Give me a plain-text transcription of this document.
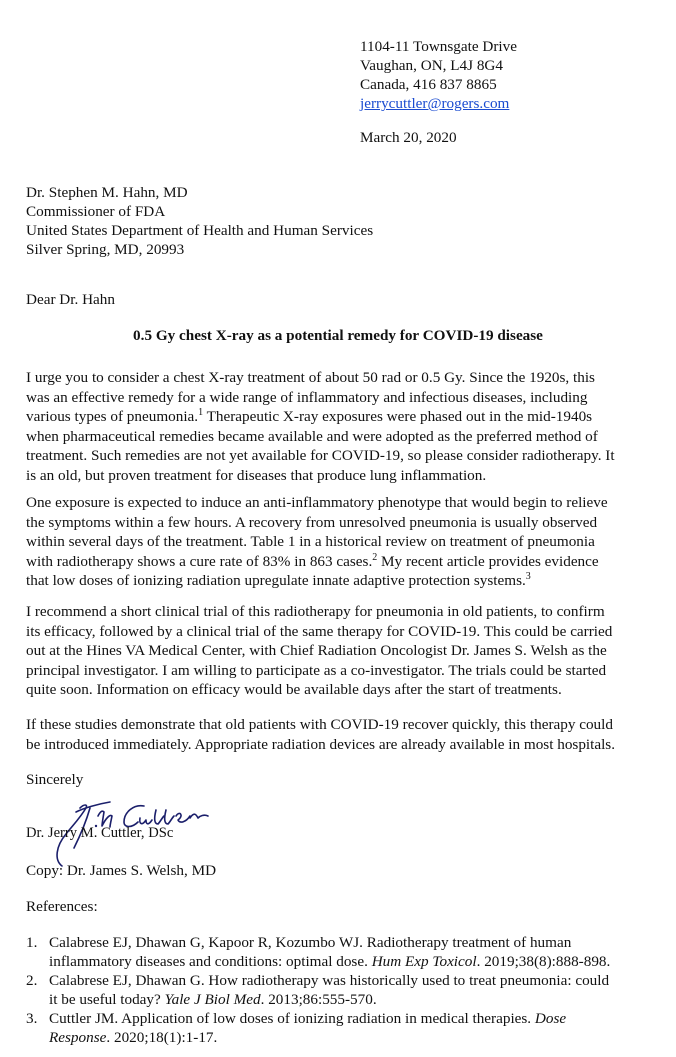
1104-11 Townsgate Drive
Vaughan, ON, L4J 8G4
Canada, 416 837 8865
jerrycuttler@rogers.com
March 20, 2020
Dr. Stephen M. Hahn, MD
Commissioner of FDA
United States Department of Health and Human Services
Silver Spring, MD, 20993
Dear Dr. Hahn
0.5 Gy chest X-ray as a potential remedy for COVID-19 disease
I urge you to consider a chest X-ray treatment of about 50 rad or 0.5 Gy. Since the 1920s, this
was an effective remedy for a wide range of inflammatory and infectious diseases, including
various types of pneumonia.$^1$ Therapeutic X-ray exposures were phased out in the mid-1940s
when pharmaceutical remedies became available and were adopted as the preferred method of
treatment. Such remedies are not yet available for COVID-19, so please consider radiotherapy. It
is an old, but proven treatment for diseases that produce lung inflammation.
One exposure is expected to induce an anti-inflammatory phenotype that would begin to relieve
the symptoms within a few hours. A recovery from unresolved pneumonia is usually observed
within several days of the treatment. Table 1 in a historical review on treatment of pneumonia
with radiotherapy shows a cure rate of 83% in 863 cases.$^2$ My recent article provides evidence
that low doses of ionizing radiation upregulate innate adaptive protection systems.$^3$
I recommend a short clinical trial of this radiotherapy for pneumonia in old patients, to confirm
its efficacy, followed by a clinical trial of the same therapy for COVID-19. This could be carried
out at the Hines VA Medical Center, with Chief Radiation Oncologist Dr. James S. Welsh as the
principal investigator. I am willing to participate as a co-investigator. The trials could be started
quite soon. Information on efficacy would be available days after the start of treatments.
If these studies demonstrate that old patients with COVID-19 recover quickly, this therapy could
be introduced immediately. Appropriate radiation devices are already available in most hospitals.
Sincerely
Dr. Jerry M. Cuttler, DSc
Copy: Dr. James S. Welsh, MD
References:
1. Calabrese EJ, Dhawan G, Kapoor R, Kozumbo WJ. Radiotherapy treatment of human
inflammatory diseases and conditions: optimal dose. Hum Exp Toxicol. 2019;38(8):888-898.
2. Calabrese EJ, Dhawan G. How radiotherapy was historically used to treat pneumonia: could
it be useful today? Yale J Biol Med. 2013;86:555-570.
3. Cuttler JM. Application of low doses of ionizing radiation in medical therapies. Dose
Response. 2020;18(1):1-17.
